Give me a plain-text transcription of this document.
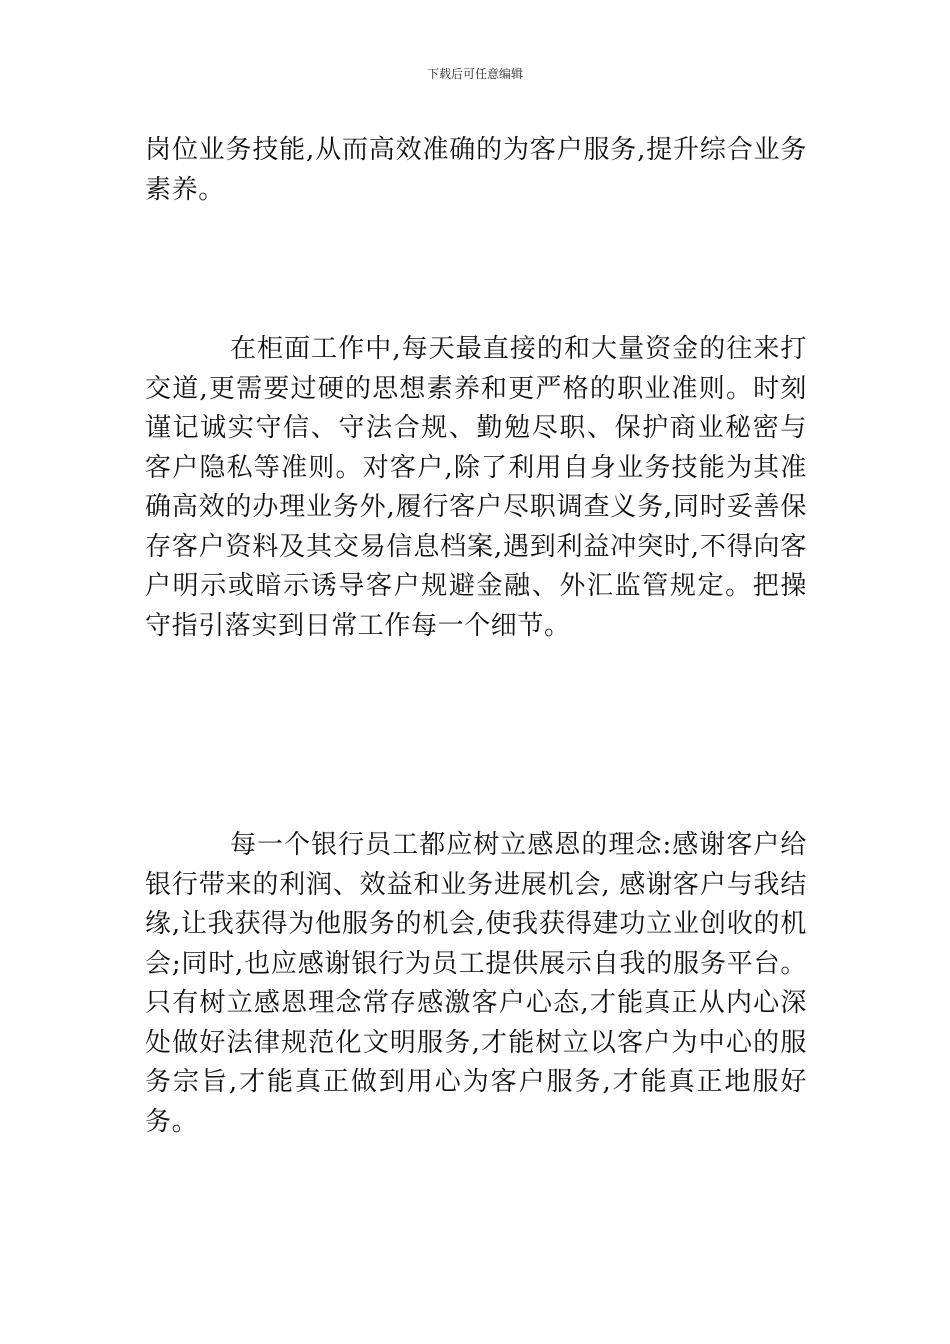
下载后可任意编辑

岗位业务技能,从而高效准确的为客户服务,提升综合业务素养。

在柜面工作中,每天最直接的和大量资金的往来打交道,更需要过硬的思想素养和更严格的职业准则。时刻谨记诚实守信、守法合规、勤勉尽职、保护商业秘密与客户隐私等准则。对客户,除了利用自身业务技能为其准确高效的办理业务外,履行客户尽职调查义务,同时妥善保存客户资料及其交易信息档案,遇到利益冲突时,不得向客户明示或暗示诱导客户规避金融、外汇监管规定。把操守指引落实到日常工作每一个细节。

每一个银行员工都应树立感恩的理念:感谢客户给银行带来的利润、效益和业务进展机会, 感谢客户与我结缘,让我获得为他服务的机会,使我获得建功立业创收的机会;同时,也应感谢银行为员工提供展示自我的服务平台。只有树立感恩理念常存感激客户心态,才能真正从内心深处做好法律规范化文明服务,才能树立以客户为中心的服务宗旨,才能真正做到用心为客户服务,才能真正地服好务。
